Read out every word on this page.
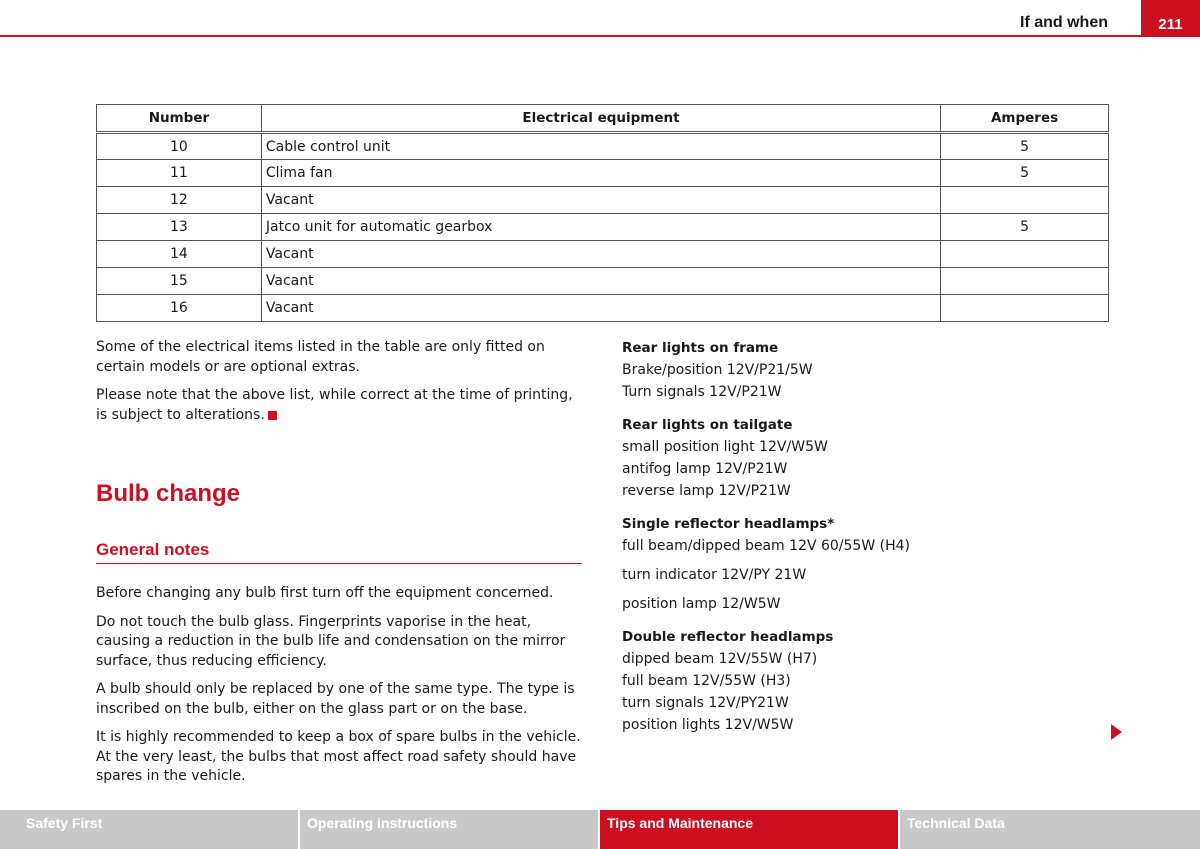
If and when	211
Number	Electrical equipment	Amperes
10	Cable control unit	5
11	Clima fan	5
12	Vacant	
13	Jatco unit for automatic gearbox	5
14	Vacant	
15	Vacant	
16	Vacant	

Some of the electrical items listed in the table are only fitted on certain models or are optional extras.

Please note that the above list, while correct at the time of printing, is subject to alterations.

Bulb change
General notes

Before changing any bulb first turn off the equipment concerned.

Do not touch the bulb glass. Fingerprints vaporise in the heat, causing a reduction in the bulb life and condensation on the mirror surface, thus reducing efficiency.

A bulb should only be replaced by one of the same type. The type is inscribed on the bulb, either on the glass part or on the base.

It is highly recommended to keep a box of spare bulbs in the vehicle. At the very least, the bulbs that most affect road safety should have spares in the vehicle.

Rear lights on frame

Brake/position 12V/P21/5W

Turn signals 12V/P21W

Rear lights on tailgate

small position light 12V/W5W

antifog lamp 12V/P21W

reverse lamp 12V/P21W

Single reflector headlamps*

full beam/dipped beam 12V 60/55W (H4)

turn indicator 12V/PY 21W

position lamp 12/W5W

Double reflector headlamps

dipped beam 12V/55W (H7)

full beam 12V/55W (H3)

turn signals 12V/PY21W

position lights 12V/W5W

Safety First	Operating instructions	Tips and Maintenance	Technical Data
